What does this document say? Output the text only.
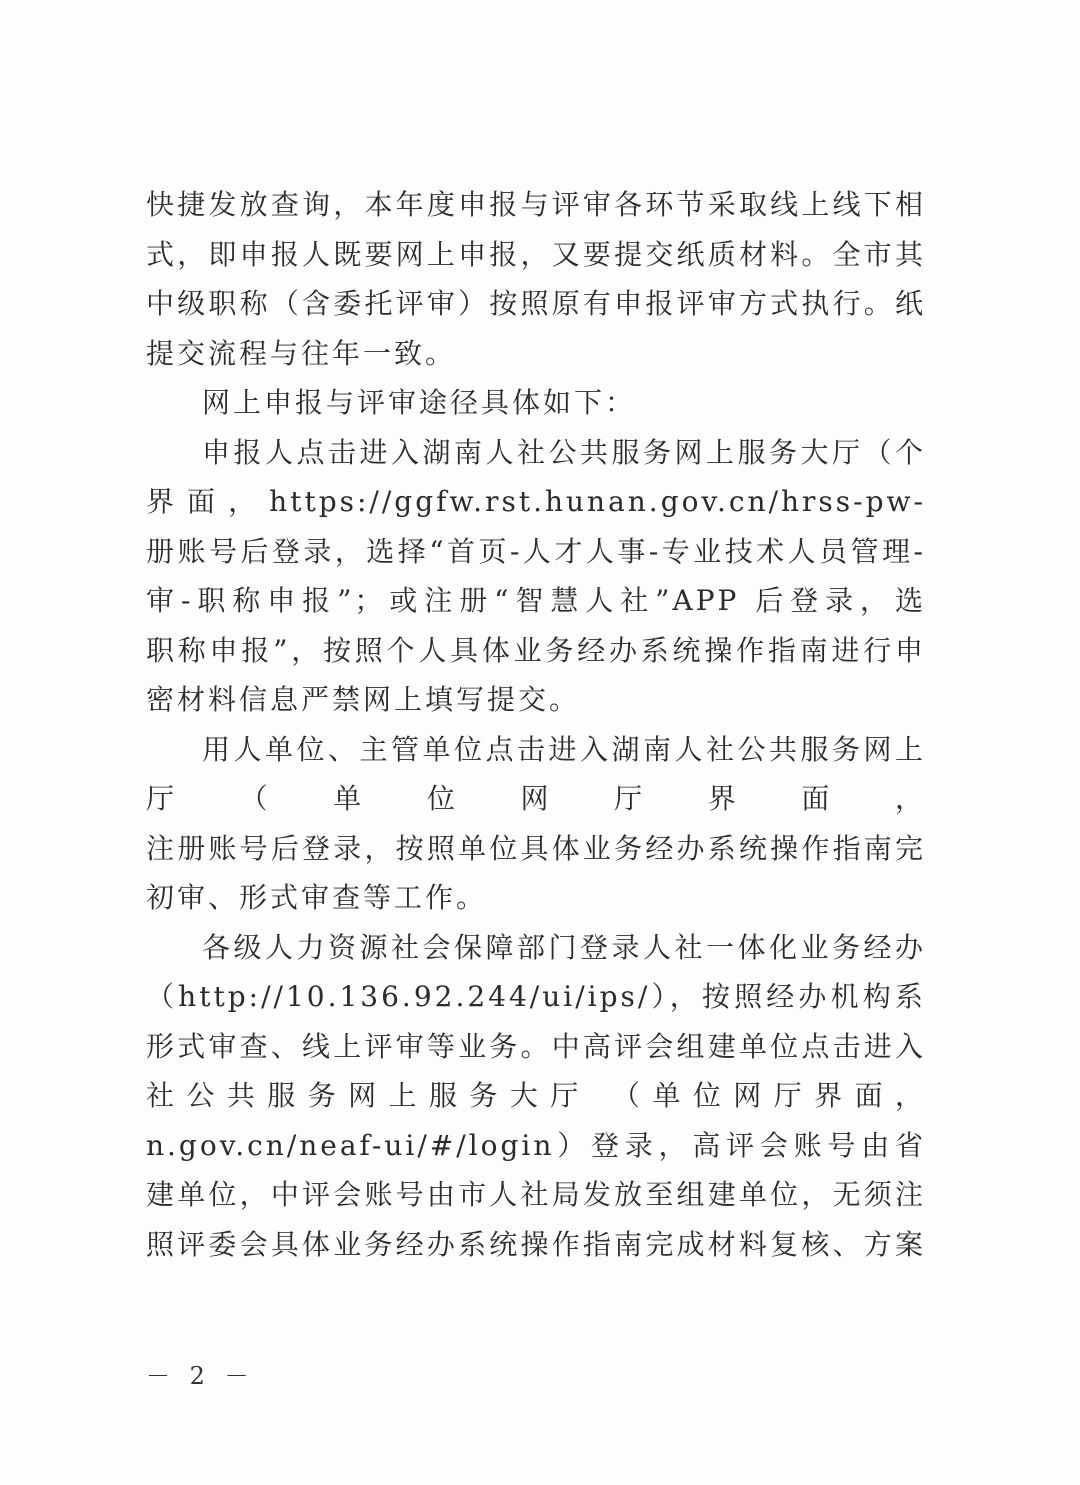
快捷发放查询，本年度申报与评审各环节采取线上线下相
式，即申报人既要网上申报，又要提交纸质材料。全市其
中级职称（含委托评审）按照原有申报评审方式执行。纸
提交流程与往年一致。
网上申报与评审途径具体如下：
申报人点击进入湖南人社公共服务网上服务大厅（个
界面，https://ggfw.rst.hunan.gov.cn/hrss-pw-
册账号后登录，选择“首页-人才人事-专业技术人员管理-
审-职称申报”；或注册“智慧人社”APP 后登录，选
职称申报”，按照个人具体业务经办系统操作指南进行申
密材料信息严禁网上填写提交。
用人单位、主管单位点击进入湖南人社公共服务网上
厅（单位网厅界面，
注册账号后登录，按照单位具体业务经办系统操作指南完
初审、形式审查等工作。
各级人力资源社会保障部门登录人社一体化业务经办
（http://10.136.92.244/ui/ips/），按照经办机构系
形式审查、线上评审等业务。中高评会组建单位点击进入
社公共服务网上服务大厅 （单位网厅界面，
n.gov.cn/neaf-ui/#/login）登录，高评会账号由省
建单位，中评会账号由市人社局发放至组建单位，无须注
照评委会具体业务经办系统操作指南完成材料复核、方案
－ 2 －
